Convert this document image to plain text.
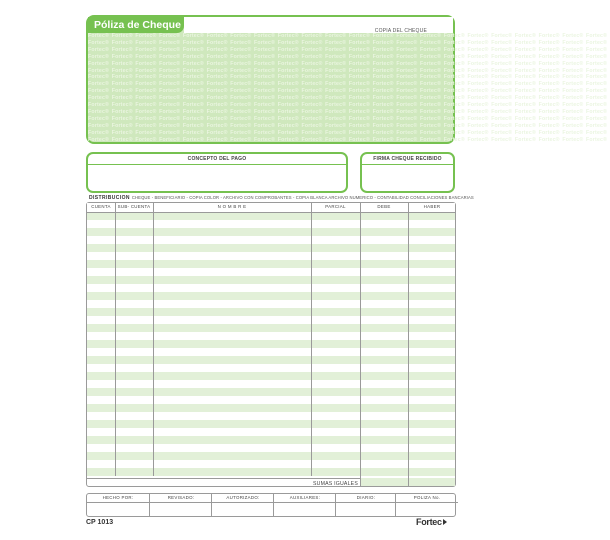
Fortec® Fortec® Fortec® Fortec® Fortec® Fortec® Fortec® Fortec® Fortec® Fortec® Fortec® Fortec® Fortec® Fortec® Fortec® Fortec® Fortec® Fortec® Fortec® Fortec® Fortec® Fortec®
Fortec® Fortec® Fortec® Fortec® Fortec® Fortec® Fortec® Fortec® Fortec® Fortec® Fortec® Fortec® Fortec® Fortec® Fortec® Fortec® Fortec® Fortec® Fortec® Fortec® Fortec® Fortec®
Fortec® Fortec® Fortec® Fortec® Fortec® Fortec® Fortec® Fortec® Fortec® Fortec® Fortec® Fortec® Fortec® Fortec® Fortec® Fortec® Fortec® Fortec® Fortec® Fortec® Fortec® Fortec®
Fortec® Fortec® Fortec® Fortec® Fortec® Fortec® Fortec® Fortec® Fortec® Fortec® Fortec® Fortec® Fortec® Fortec® Fortec® Fortec® Fortec® Fortec® Fortec® Fortec® Fortec® Fortec®
Fortec® Fortec® Fortec® Fortec® Fortec® Fortec® Fortec® Fortec® Fortec® Fortec® Fortec® Fortec® Fortec® Fortec® Fortec® Fortec® Fortec® Fortec® Fortec® Fortec® Fortec® Fortec®
Fortec® Fortec® Fortec® Fortec® Fortec® Fortec® Fortec® Fortec® Fortec® Fortec® Fortec® Fortec® Fortec® Fortec® Fortec® Fortec® Fortec® Fortec® Fortec® Fortec® Fortec® Fortec®
Fortec® Fortec® Fortec® Fortec® Fortec® Fortec® Fortec® Fortec® Fortec® Fortec® Fortec® Fortec® Fortec® Fortec® Fortec® Fortec® Fortec® Fortec® Fortec® Fortec® Fortec® Fortec®
Fortec® Fortec® Fortec® Fortec® Fortec® Fortec® Fortec® Fortec® Fortec® Fortec® Fortec® Fortec® Fortec® Fortec® Fortec® Fortec® Fortec® Fortec® Fortec® Fortec® Fortec® Fortec®
Fortec® Fortec® Fortec® Fortec® Fortec® Fortec® Fortec® Fortec® Fortec® Fortec® Fortec® Fortec® Fortec® Fortec® Fortec® Fortec® Fortec® Fortec® Fortec® Fortec® Fortec® Fortec®
Fortec® Fortec® Fortec® Fortec® Fortec® Fortec® Fortec® Fortec® Fortec® Fortec® Fortec® Fortec® Fortec® Fortec® Fortec® Fortec® Fortec® Fortec® Fortec® Fortec® Fortec® Fortec®
Fortec® Fortec® Fortec® Fortec® Fortec® Fortec® Fortec® Fortec® Fortec® Fortec® Fortec® Fortec® Fortec® Fortec® Fortec® Fortec® Fortec® Fortec® Fortec® Fortec® Fortec® Fortec®
Fortec® Fortec® Fortec® Fortec® Fortec® Fortec® Fortec® Fortec® Fortec® Fortec® Fortec® Fortec® Fortec® Fortec® Fortec® Fortec® Fortec® Fortec® Fortec® Fortec® Fortec® Fortec®
Fortec® Fortec® Fortec® Fortec® Fortec® Fortec® Fortec® Fortec® Fortec® Fortec® Fortec® Fortec® Fortec® Fortec® Fortec® Fortec® Fortec® Fortec® Fortec® Fortec® Fortec® Fortec®
Fortec® Fortec® Fortec® Fortec® Fortec® Fortec® Fortec® Fortec® Fortec® Fortec® Fortec® Fortec® Fortec® Fortec® Fortec® Fortec® Fortec® Fortec® Fortec® Fortec® Fortec® Fortec®
Fortec® Fortec® Fortec® Fortec® Fortec® Fortec® Fortec® Fortec® Fortec® Fortec® Fortec® Fortec® Fortec® Fortec® Fortec® Fortec® Fortec® Fortec® Fortec® Fortec® Fortec® Fortec®
Fortec® Fortec® Fortec® Fortec® Fortec® Fortec® Fortec® Fortec® Fortec® Fortec® Fortec® Fortec® Fortec® Fortec® Fortec® Fortec® Fortec® Fortec® Fortec® Fortec® Fortec® Fortec®
COPIA DEL CHEQUE
Póliza de Cheque
CONCEPTO DEL PAGO	FIRMA CHEQUE RECIBIDO
DISTRIBUCION CHEQUE - BENEFICIARIO - COPIA COLOR - ARCHIVO CON COMPROBANTES - COPIA BLANCA ARCHIVO NUMERICO - CONTABILIDAD CONCILIACIONES BANCARIAS
SUMAS IGUALES
CUENTA	SUB- CUENTA	N O M B R E	PARCIAL	DEBE	HABER
HECHO POR:	REVISADO:	AUTORIZADO:	AUXILIARES:	DIARIO:	POLIZA No.
CP 1013	Fortec
